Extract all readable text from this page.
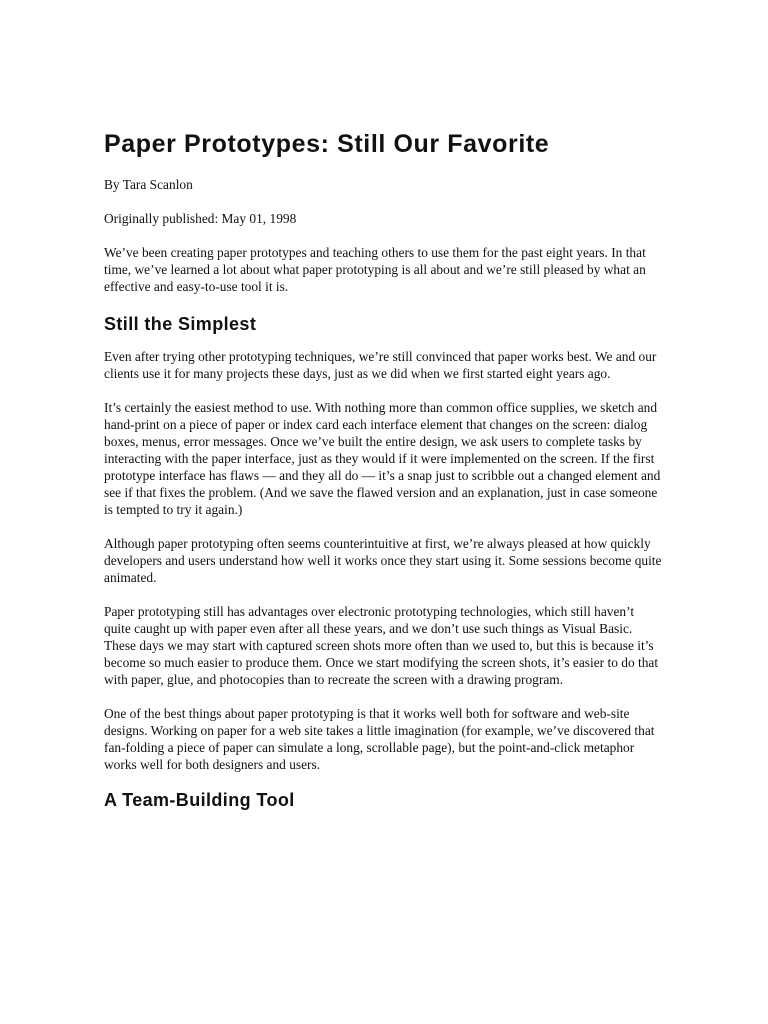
Paper Prototypes: Still Our Favorite

By Tara Scanlon

Originally published: May 01, 1998

We’ve been creating paper prototypes and teaching others to use them for the past eight years. In that time, we’ve learned a lot about what paper prototyping is all about and we’re still pleased by what an effective and easy-to-use tool it is.

Still the Simplest

Even after trying other prototyping techniques, we’re still convinced that paper works best. We and our clients use it for many projects these days, just as we did when we first started eight years ago.

It’s certainly the easiest method to use. With nothing more than common office supplies, we sketch and hand-print on a piece of paper or index card each interface element that changes on the screen: dialog boxes, menus, error messages. Once we’ve built the entire design, we ask users to complete tasks by interacting with the paper interface, just as they would if it were implemented on the screen. If the first prototype interface has flaws — and they all do — it’s a snap just to scribble out a changed element and see if that fixes the problem. (And we save the flawed version and an explanation, just in case someone is tempted to try it again.)

Although paper prototyping often seems counterintuitive at first, we’re always pleased at how quickly developers and users understand how well it works once they start using it. Some sessions become quite animated.

Paper prototyping still has advantages over electronic prototyping technologies, which still haven’t quite caught up with paper even after all these years, and we don’t use such things as Visual Basic. These days we may start with captured screen shots more often than we used to, but this is because it’s become so much easier to produce them. Once we start modifying the screen shots, it’s easier to do that with paper, glue, and photocopies than to recreate the screen with a drawing program.

One of the best things about paper prototyping is that it works well both for software and web-site designs. Working on paper for a web site takes a little imagination (for example, we’ve discovered that fan-folding a piece of paper can simulate a long, scrollable page), but the point-and-click metaphor works well for both designers and users.

A Team-Building Tool
